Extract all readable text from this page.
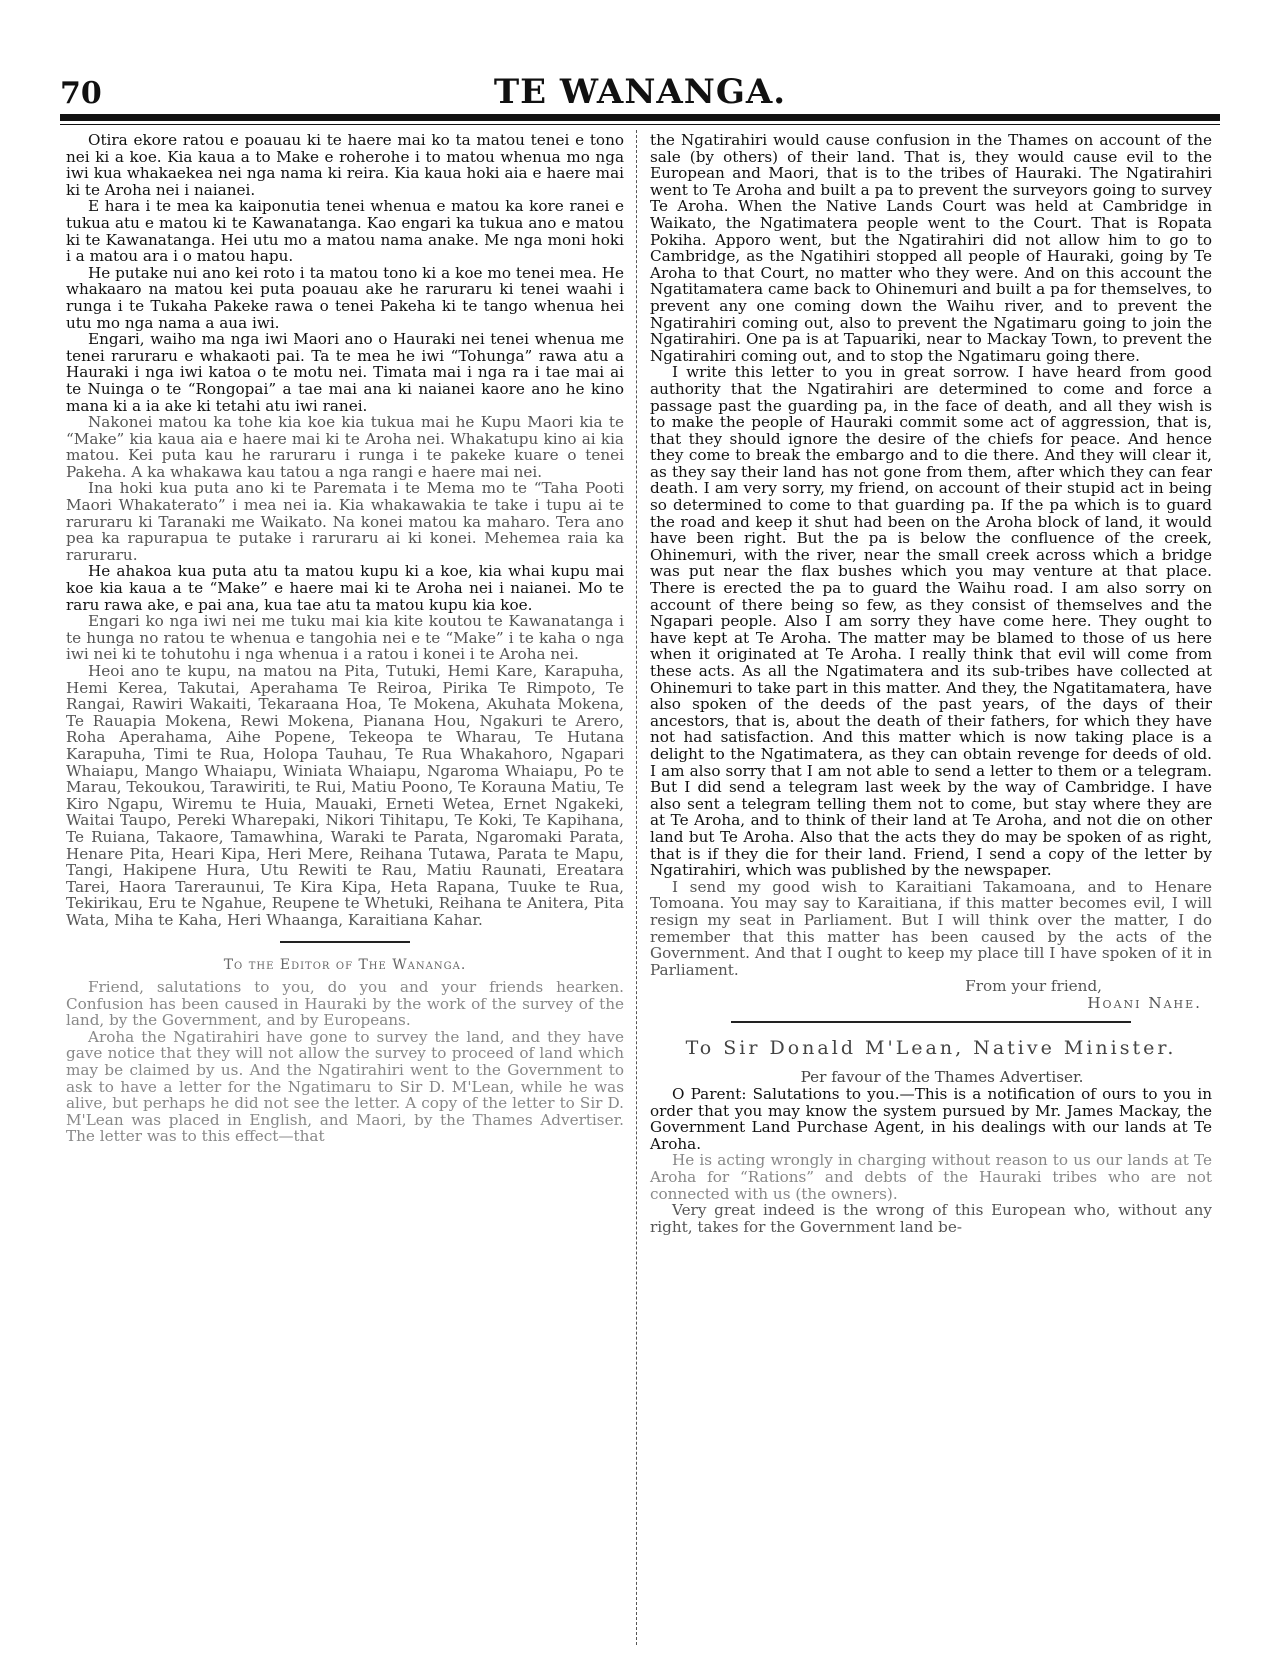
70	TE WANANGA.

Otira ekore ratou e poauau ki te haere mai ko ta matou tenei e tono nei ki a koe. Kia kaua a to Make e roherohe i to matou whenua mo nga iwi kua whakaekea nei nga nama ki reira. Kia kaua hoki aia e haere mai ki te Aroha nei i naianei.

E hara i te mea ka kaiponutia tenei whenua e matou ka kore ranei e tukua atu e matou ki te Kawanatanga. Kao engari ka tukua ano e matou ki te Kawanatanga. Hei utu mo a matou nama anake. Me nga moni hoki i a matou ara i o matou hapu.

He putake nui ano kei roto i ta matou tono ki a koe mo tenei mea. He whakaaro na matou kei puta poauau ake he raruraru ki tenei waahi i runga i te Tukaha Pakeke rawa o tenei Pakeha ki te tango whenua hei utu mo nga nama a aua iwi.

Engari, waiho ma nga iwi Maori ano o Hauraki nei tenei whenua me tenei raruraru e whakaoti pai. Ta te mea he iwi “Tohunga” rawa atu a Hauraki i nga iwi katoa o te motu nei. Timata mai i nga ra i tae mai ai te Nuinga o te “Rongopai” a tae mai ana ki naianei kaore ano he kino mana ki a ia ake ki tetahi atu iwi ranei.

Nakonei matou ka tohe kia koe kia tukua mai he Kupu Maori kia te “Make” kia kaua aia e haere mai ki te Aroha nei. Whakatupu kino ai kia matou. Kei puta kau he raruraru i runga i te pakeke kuare o tenei Pakeha. A ka whakawa kau tatou a nga rangi e haere mai nei.

Ina hoki kua puta ano ki te Paremata i te Mema mo te “Taha Pooti Maori Whakaterato” i mea nei ia. Kia whakawakia te take i tupu ai te raruraru ki Taranaki me Waikato. Na konei matou ka maharo. Tera ano pea ka rapurapua te putake i raruraru ai ki konei. Mehemea raia ka raruraru.

He ahakoa kua puta atu ta matou kupu ki a koe, kia whai kupu mai koe kia kaua a te “Make” e haere mai ki te Aroha nei i naianei. Mo te raru rawa ake, e pai ana, kua tae atu ta matou kupu kia koe.

Engari ko nga iwi nei me tuku mai kia kite koutou te Kawanatanga i te hunga no ratou te whenua e tangohia nei e te “Make” i te kaha o nga iwi nei ki te tohutohu i nga whenua i a ratou i konei i te Aroha nei.

Heoi ano te kupu, na matou na Pita, Tutuki, Hemi Kare, Karapuha, Hemi Kerea, Takutai, Aperahama Te Reiroa, Pirika Te Rimpoto, Te Rangai, Rawiri Wakaiti, Tekaraana Hoa, Te Mokena, Akuhata Mokena, Te Rauapia Mokena, Rewi Mokena, Pianana Hou, Ngakuri te Arero, Roha Aperahama, Aihe Popene, Tekeopa te Wharau, Te Hutana Karapuha, Timi te Rua, Holopa Tauhau, Te Rua Whakahoro, Ngapari Whaiapu, Mango Whaiapu, Winiata Whaiapu, Ngaroma Whaiapu, Po te Marau, Tekoukou, Tarawiriti, te Rui, Matiu Poono, Te Korauna Matiu, Te Kiro Ngapu, Wiremu te Huia, Mauaki, Erneti Wetea, Ernet Ngakeki, Waitai Taupo, Pereki Wharepaki, Nikori Tihitapu, Te Koki, Te Kapihana, Te Ruiana, Takaore, Tamawhina, Waraki te Parata, Ngaromaki Parata, Henare Pita, Heari Kipa, Heri Mere, Reihana Tutawa, Parata te Mapu, Tangi, Hakipene Hura, Utu Rewiti te Rau, Matiu Raunati, Ereatara Tarei, Haora Tareraunui, Te Kira Kipa, Heta Rapana, Tuuke te Rua, Tekirikau, Eru te Ngahue, Reupene te Whetuki, Reihana te Anitera, Pita Wata, Miha te Kaha, Heri Whaanga, Karaitiana Kahar.

To the Editor of The Wananga.

Friend, salutations to you, do you and your friends hearken. Confusion has been caused in Hauraki by the work of the survey of the land, by the Government, and by Europeans.

Aroha the Ngatirahiri have gone to survey the land, and they have gave notice that they will not allow the survey to proceed of land which may be claimed by us. And the Ngatirahiri went to the Government to ask to have a letter for the Ngatimaru to Sir D. M'Lean, while he was alive, but perhaps he did not see the letter. A copy of the letter to Sir D. M'Lean was placed in English, and Maori, by the Thames Advertiser. The letter was to this effect—that

the Ngatirahiri would cause confusion in the Thames on account of the sale (by others) of their land. That is, they would cause evil to the European and Maori, that is to the tribes of Hauraki. The Ngatirahiri went to Te Aroha and built a pa to prevent the surveyors going to survey Te Aroha. When the Native Lands Court was held at Cambridge in Waikato, the Ngatimatera people went to the Court. That is Ropata Pokiha. Apporo went, but the Ngatirahiri did not allow him to go to Cambridge, as the Ngatihiri stopped all people of Hauraki, going by Te Aroha to that Court, no matter who they were. And on this account the Ngatitamatera came back to Ohinemuri and built a pa for themselves, to prevent any one coming down the Waihu river, and to prevent the Ngatirahiri coming out, also to prevent the Ngatimaru going to join the Ngatirahiri. One pa is at Tapuariki, near to Mackay Town, to prevent the Ngatirahiri coming out, and to stop the Ngatimaru going there.

I write this letter to you in great sorrow. I have heard from good authority that the Ngatirahiri are determined to come and force a passage past the guarding pa, in the face of death, and all they wish is to make the people of Hauraki commit some act of aggression, that is, that they should ignore the desire of the chiefs for peace. And hence they come to break the embargo and to die there. And they will clear it, as they say their land has not gone from them, after which they can fear death. I am very sorry, my friend, on account of their stupid act in being so determined to come to that guarding pa. If the pa which is to guard the road and keep it shut had been on the Aroha block of land, it would have been right. But the pa is below the confluence of the creek, Ohinemuri, with the river, near the small creek across which a bridge was put near the flax bushes which you may venture at that place. There is erected the pa to guard the Waihu road. I am also sorry on account of there being so few, as they consist of themselves and the Ngapari people. Also I am sorry they have come here. They ought to have kept at Te Aroha. The matter may be blamed to those of us here when it originated at Te Aroha. I really think that evil will come from these acts. As all the Ngatimatera and its sub-tribes have collected at Ohinemuri to take part in this matter. And they, the Ngatitamatera, have also spoken of the deeds of the past years, of the days of their ancestors, that is, about the death of their fathers, for which they have not had satisfaction. And this matter which is now taking place is a delight to the Ngatimatera, as they can obtain revenge for deeds of old. I am also sorry that I am not able to send a letter to them or a telegram. But I did send a telegram last week by the way of Cambridge. I have also sent a telegram telling them not to come, but stay where they are at Te Aroha, and to think of their land at Te Aroha, and not die on other land but Te Aroha. Also that the acts they do may be spoken of as right, that is if they die for their land. Friend, I send a copy of the letter by Ngatirahiri, which was published by the newspaper.

I send my good wish to Karaitiani Takamoana, and to Henare Tomoana. You may say to Karaitiana, if this matter becomes evil, I will resign my seat in Parliament. But I will think over the matter, I do remember that this matter has been caused by the acts of the Government. And that I ought to keep my place till I have spoken of it in Parliament.

From your friend,

Hoani Nahe.

To Sir Donald M'Lean, Native Minister.

Per favour of the Thames Advertiser.

O Parent: Salutations to you.—This is a notification of ours to you in order that you may know the system pursued by Mr. James Mackay, the Government Land Purchase Agent, in his dealings with our lands at Te Aroha.

He is acting wrongly in charging without reason to us our lands at Te Aroha for “Rations” and debts of the Hauraki tribes who are not connected with us (the owners).

Very great indeed is the wrong of this European who, without any right, takes for the Government land be-
